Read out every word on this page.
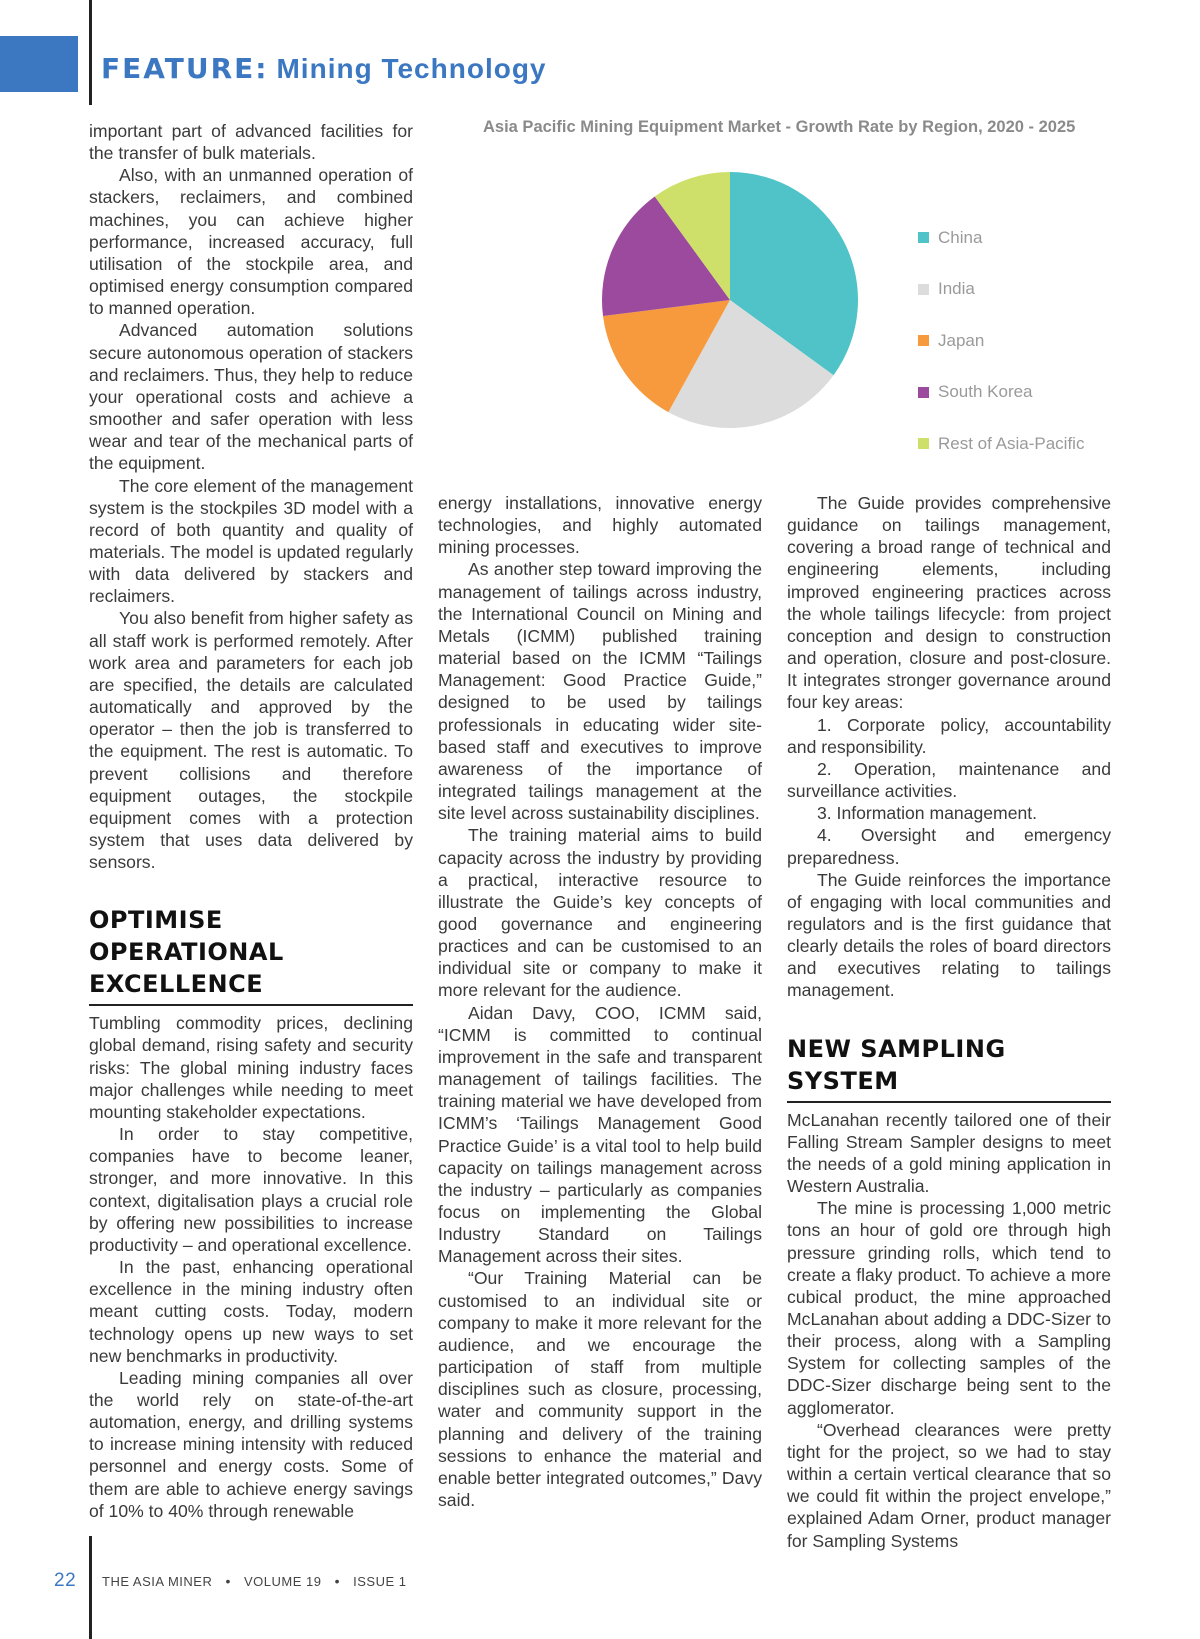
FEATURE: Mining Technology
Asia Pacific Mining Equipment Market - Growth Rate by Region, 2020 - 2025
China
India
Japan
South Korea
Rest of Asia-Pacific

important part of advanced facilities for the transfer of bulk materials.

Also, with an unmanned operation of stackers, reclaimers, and combined machines, you can achieve higher performance, increased accuracy, full utilisation of the stockpile area, and optimised energy consumption compared to manned operation.

Advanced automation solutions secure autonomous operation of stackers and reclaimers. Thus, they help to reduce your operational costs and achieve a smoother and safer operation with less wear and tear of the mechanical parts of the equipment.

The core element of the management system is the stockpiles 3D model with a record of both quantity and quality of materials. The model is updated regularly with data delivered by stackers and reclaimers.

You also benefit from higher safety as all staff work is performed remotely. After work area and parameters for each job are specified, the details are calculated automatically and approved by the operator – then the job is transferred to the equipment. The rest is automatic. To prevent collisions and therefore equipment outages, the stockpile equipment comes with a protection system that uses data delivered by sensors.

OPTIMISE OPERATIONAL EXCELLENCE

Tumbling commodity prices, declining global demand, rising safety and security risks: The global mining industry faces major challenges while needing to meet mounting stakeholder expectations.

In order to stay competitive, companies have to become leaner, stronger, and more innovative. In this context, digitalisation plays a crucial role by offering new possibilities to increase productivity – and operational excellence.

In the past, enhancing operational excellence in the mining industry often meant cutting costs. Today, modern technology opens up new ways to set new benchmarks in productivity.

Leading mining companies all over the world rely on state-of-the-art automation, energy, and drilling systems to increase mining intensity with reduced personnel and energy costs. Some of them are able to achieve energy savings of 10% to 40% through renewable

energy installations, innovative energy technologies, and highly automated mining processes.

As another step toward improving the management of tailings across industry, the International Council on Mining and Metals (ICMM) published training material based on the ICMM “Tailings Management: Good Practice Guide,” designed to be used by tailings professionals in educating wider site-based staff and executives to improve awareness of the importance of integrated tailings management at the site level across sustainability disciplines.

The training material aims to build capacity across the industry by providing a practical, interactive resource to illustrate the Guide’s key concepts of good governance and engineering practices and can be customised to an individual site or company to make it more relevant for the audience.

Aidan Davy, COO, ICMM said, “ICMM is committed to continual improvement in the safe and transparent management of tailings facilities. The training material we have developed from ICMM’s ‘Tailings Management Good Practice Guide’ is a vital tool to help build capacity on tailings management across the industry – particularly as companies focus on implementing the Global Industry Standard on Tailings Management across their sites.

“Our Training Material can be customised to an individual site or company to make it more relevant for the audience, and we encourage the participation of staff from multiple disciplines such as closure, processing, water and community support in the planning and delivery of the training sessions to enhance the material and enable better integrated outcomes,” Davy said.

The Guide provides comprehensive guidance on tailings management, covering a broad range of technical and engineering elements, including improved engineering practices across the whole tailings lifecycle: from project conception and design to construction and operation, closure and post-closure. It integrates stronger governance around four key areas:

1. Corporate policy, accountability and responsibility.

2. Operation, maintenance and surveillance activities.

3. Information management.

4. Oversight and emergency preparedness.

The Guide reinforces the importance of engaging with local communities and regulators and is the first guidance that clearly details the roles of board directors and executives relating to tailings management.

NEW SAMPLING SYSTEM

McLanahan recently tailored one of their Falling Stream Sampler designs to meet the needs of a gold mining application in Western Australia.

The mine is processing 1,000 metric tons an hour of gold ore through high pressure grinding rolls, which tend to create a flaky product. To achieve a more cubical product, the mine approached McLanahan about adding a DDC-Sizer to their process, along with a Sampling System for collecting samples of the DDC-Sizer discharge being sent to the agglomerator.

“Overhead clearances were pretty tight for the project, so we had to stay within a certain vertical clearance that so we could fit within the project envelope,” explained Adam Orner, product manager for Sampling Systems

22 THE ASIA MINER • VOLUME 19 • ISSUE 1
